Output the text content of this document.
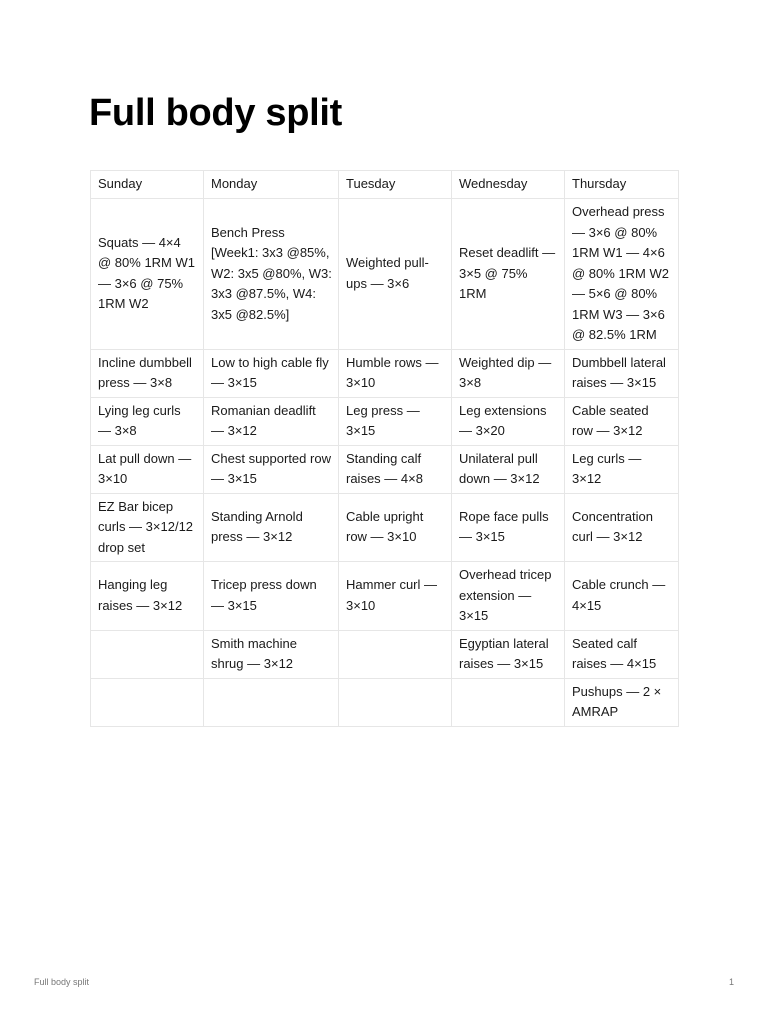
Full body split
Sunday	Monday	Tuesday	Wednesday	Thursday
Squats — 4×4 @ 80% 1RM W1 — 3×6 @ 75% 1RM W2	Bench Press [Week1: 3x3 @85%, W2: 3x5 @80%, W3: 3x3 @87.5%, W4: 3x5 @82.5%]	Weighted pull-ups — 3×6	Reset deadlift — 3×5 @ 75% 1RM	Overhead press — 3×6 @ 80% 1RM W1 — 4×6 @ 80% 1RM W2 — 5×6 @ 80% 1RM W3 — 3×6 @ 82.5% 1RM
Incline dumbbell press — 3×8	Low to high cable fly — 3×15	Humble rows — 3×10	Weighted dip — 3×8	Dumbbell lateral raises — 3×15
Lying leg curls — 3×8	Romanian deadlift — 3×12	Leg press — 3×15	Leg extensions — 3×20	Cable seated row — 3×12
Lat pull down — 3×10	Chest supported row — 3×15	Standing calf raises — 4×8	Unilateral pull down — 3×12	Leg curls — 3×12
EZ Bar bicep curls — 3×12/12 drop set	Standing Arnold press — 3×12	Cable upright row — 3×10	Rope face pulls — 3×15	Concentration curl — 3×12
Hanging leg raises — 3×12	Tricep press down — 3×15	Hammer curl — 3×10	Overhead tricep extension — 3×15	Cable crunch — 4×15
	Smith machine shrug — 3×12		Egyptian lateral raises — 3×15	Seated calf raises — 4×15
				Pushups — 2 × AMRAP
Full body split	1
